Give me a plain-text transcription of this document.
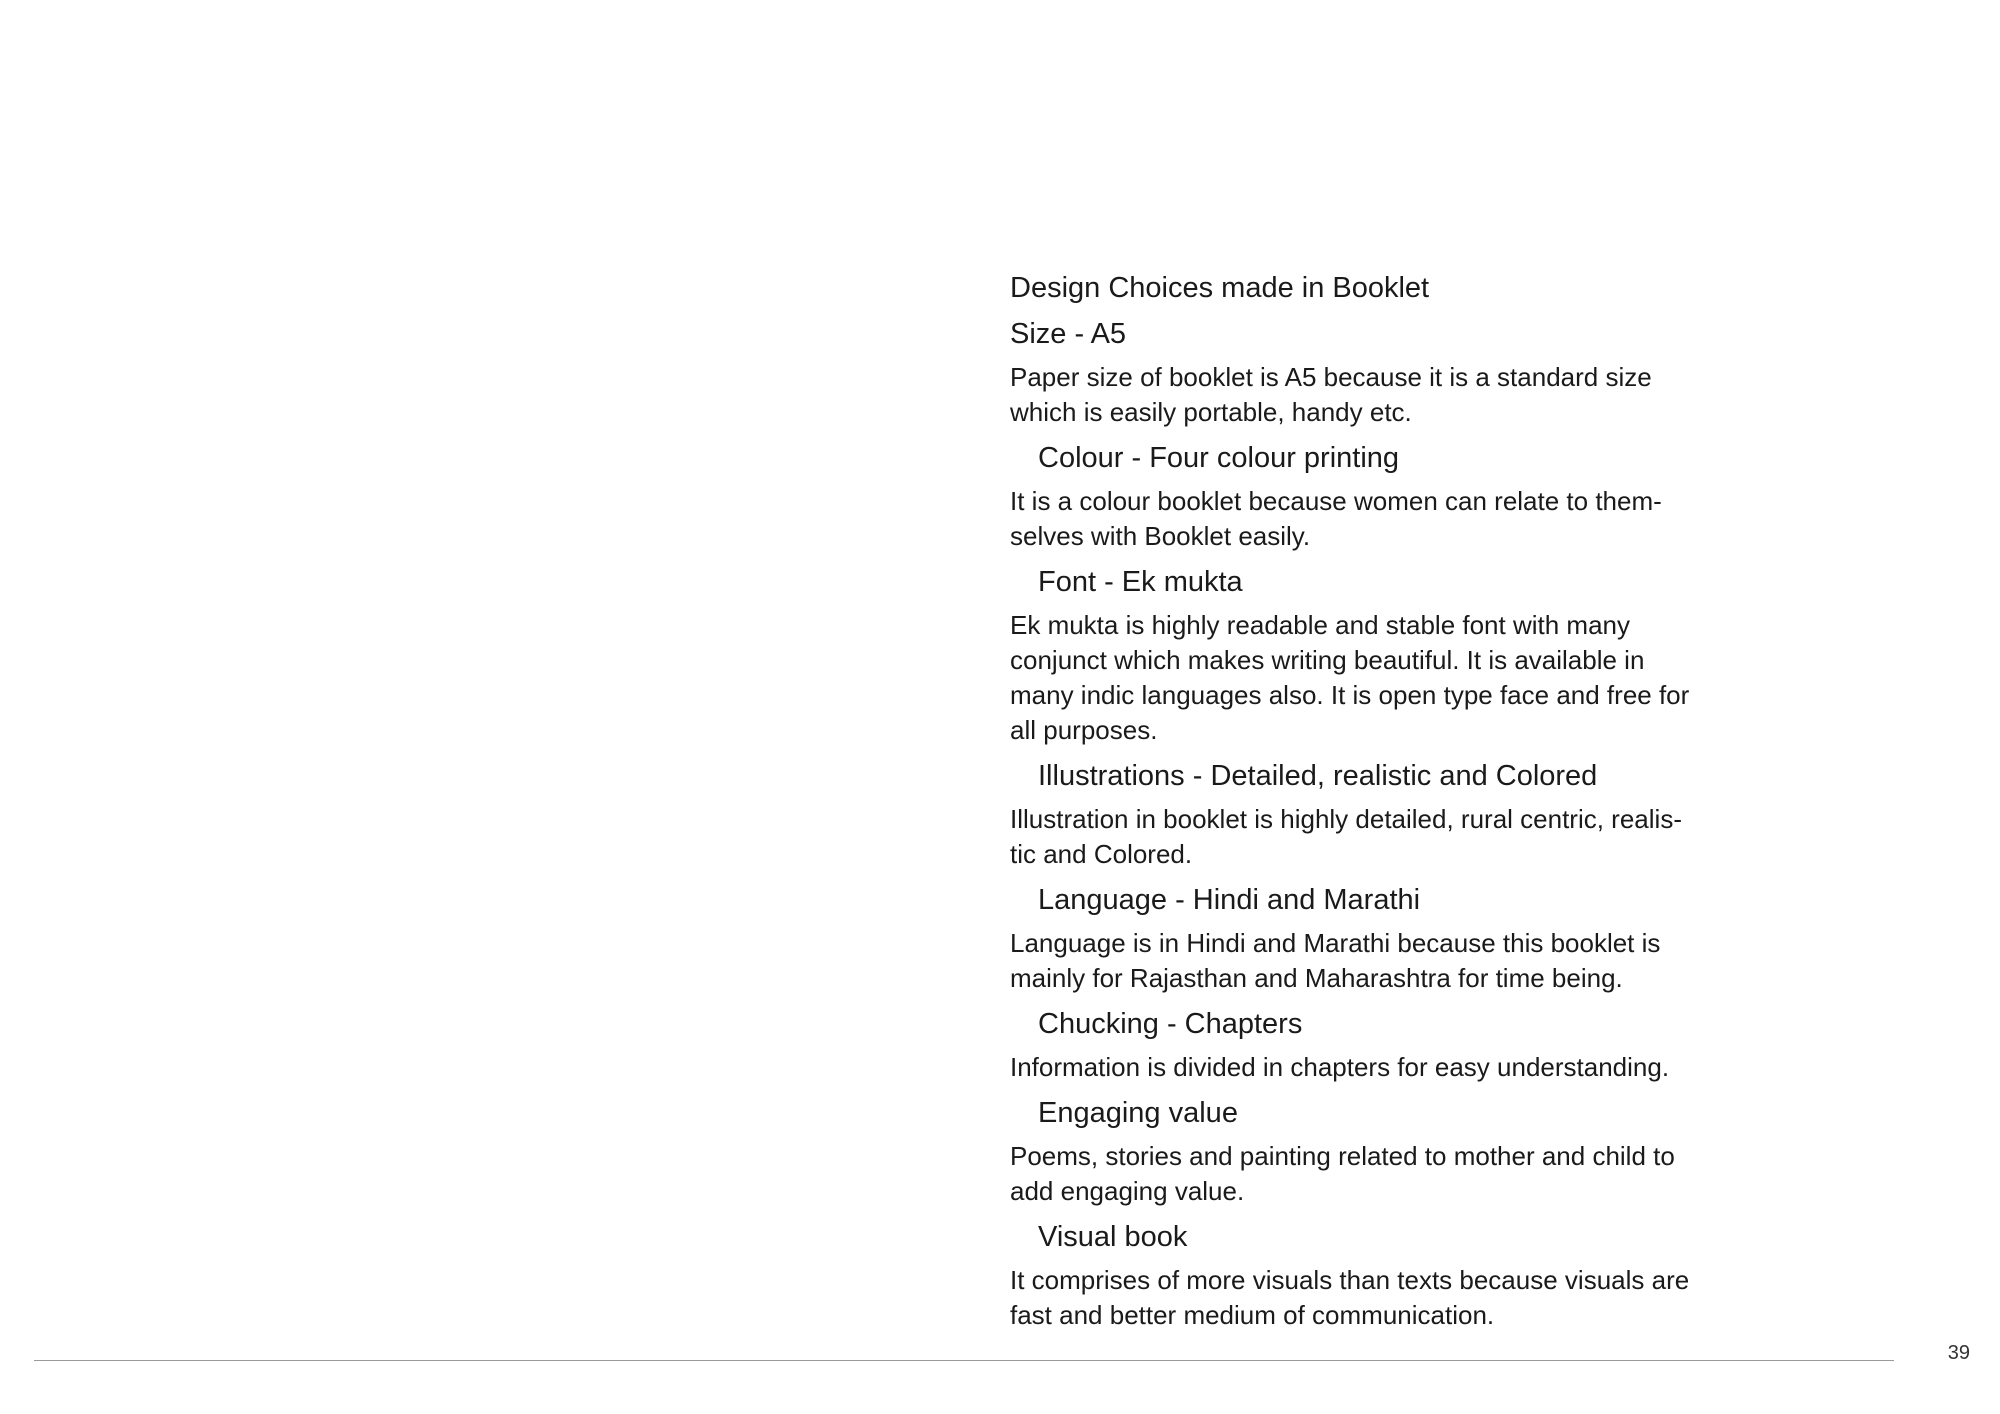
Design Choices made in Booklet
Size - A5
Paper size of booklet is A5 because it is a standard size
which is easily portable, handy etc.
Colour - Four colour printing
It is a colour booklet because women can relate to them-
selves with Booklet easily.
Font - Ek mukta
Ek mukta is highly readable and stable font with many
conjunct which makes writing beautiful. It is available in
many indic languages also. It is open type face and free for
all purposes.
Illustrations - Detailed, realistic and Colored
Illustration in booklet is highly detailed, rural centric, realis-
tic and Colored.
Language - Hindi and Marathi
Language is in Hindi and Marathi because this booklet is
mainly for Rajasthan and Maharashtra for time being.
Chucking - Chapters
Information is divided in chapters for easy understanding.
Engaging value
Poems, stories and painting related to mother and child to
add engaging value.
Visual book
It comprises of more visuals than texts because visuals are
fast and better medium of communication.
39
